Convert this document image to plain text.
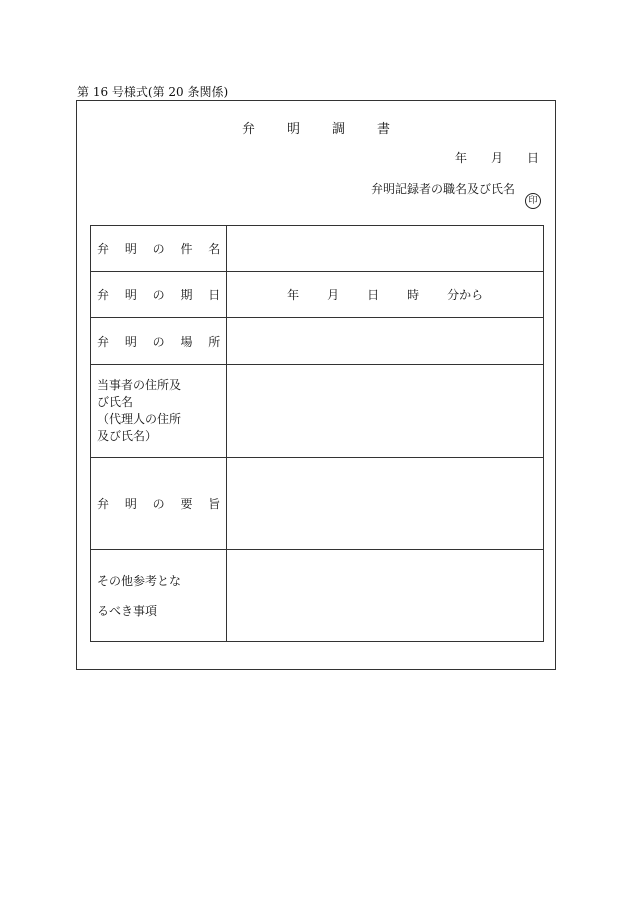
第 16 号様式(第 20 条関係)
弁 明 調 書
年 月 日
弁明記録者の職名及び氏名
印
弁 明 の 件 名	
弁 明 の 期 日	年 月 日 時 分から
弁 明 の 場 所	
当事者の住所及
び氏名
（代理人の住所
及び氏名）	
弁 明 の 要 旨	
その他参考とな
るべき事項	
